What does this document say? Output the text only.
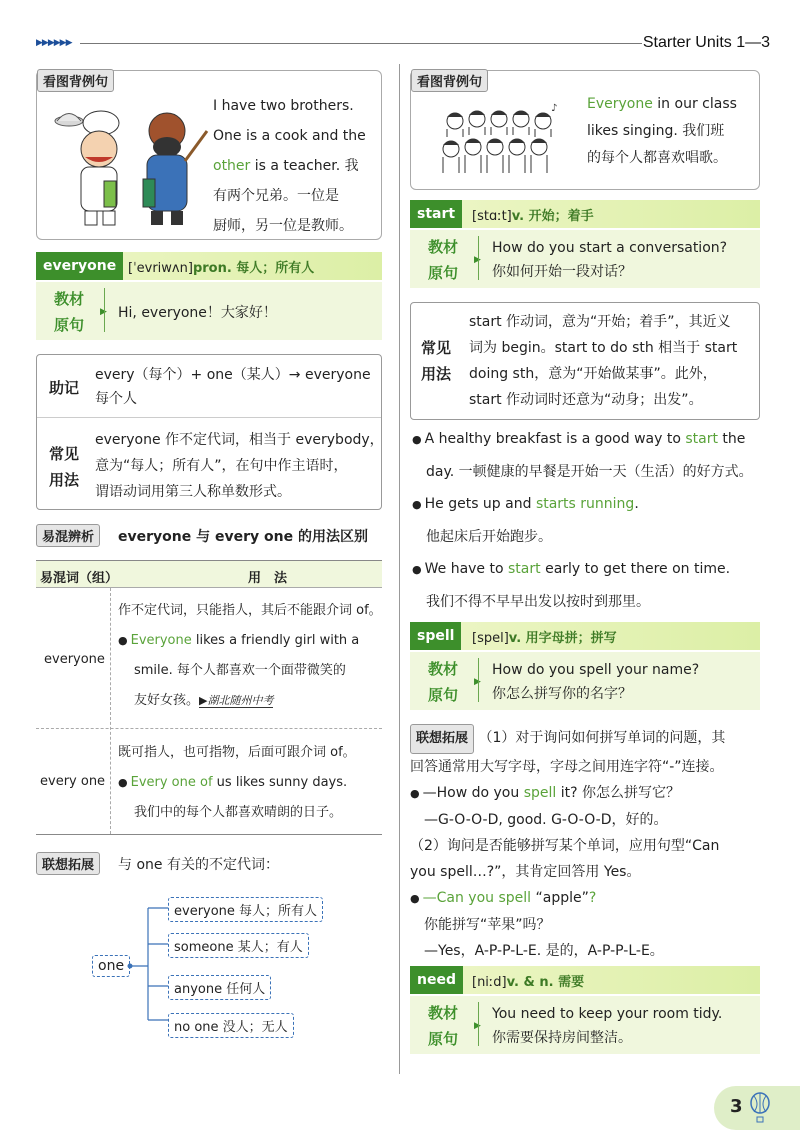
▶▶▶▶▶▶	Starter Units 1—3
看图背例句
I have two brothers.
One is a cook and the
other is a teacher. 我
有两个兄弟。一位是
厨师，另一位是教师。
everyone [ˈevriwʌn]pron. 每人；所有人
教材
原句
▶ Hi, everyone！大家好！
助记
every（每个）+ one（某人）→ everyone
每个人
常见
用法
everyone 作不定代词，相当于 everybody，
意为“每人；所有人”，在句中作主语时，
谓语动词用第三人称单数形式。
易混辨析	everyone 与 every one 的用法区别
易混词（组）	用　法
everyone
作不定代词，只能指人，其后不能跟介词 of。
● Everyone likes a friendly girl with a
smile. 每个人都喜欢一个面带微笑的
友好女孩。▶湖北随州中考
every one
既可指人，也可指物，后面可跟介词 of。
● Every one of us likes sunny days.
我们中的每个人都喜欢晴朗的日子。
联想拓展	与 one 有关的不定代词：
one
everyone 每人；所有人
someone 某人；有人
anyone 任何人
no one 没人；无人
看图背例句
♪ Everyone in our class
likes singing. 我们班
的每个人都喜欢唱歌。
start	[stɑːt]v. 开始；着手
教材
原句
▶
How do you start a conversation?
你如何开始一段对话？
常见
用法
start 作动词，意为“开始；着手”，其近义
词为 begin。start to do sth 相当于 start
doing sth，意为“开始做某事”。此外，
start 作动词时还意为“动身；出发”。
● A healthy breakfast is a good way to start the
day. 一顿健康的早餐是开始一天（生活）的好方式。
● He gets up and starts running.
他起床后开始跑步。
● We have to start early to get there on time.
我们不得不早早出发以按时到那里。
spell	[spel]v. 用字母拼；拼写
教材
原句
▶
How do you spell your name?
你怎么拼写你的名字？
联想拓展 （1）对于询问如何拼写单词的问题，其
回答通常用大写字母，字母之间用连字符“-”连接。
● —How do you spell it? 你怎么拼写它？
—G-O-O-D, good. G-O-O-D，好的。
（2）询问是否能够拼写某个单词，应用句型“Can
you spell…?”，其肯定回答用 Yes。
● —Can you spell “apple”?
你能拼写“苹果”吗？
—Yes，A-P-P-L-E. 是的，A-P-P-L-E。
need	[niːd]v. & n. 需要
教材
原句
▶
You need to keep your room tidy.
你需要保持房间整洁。
3
